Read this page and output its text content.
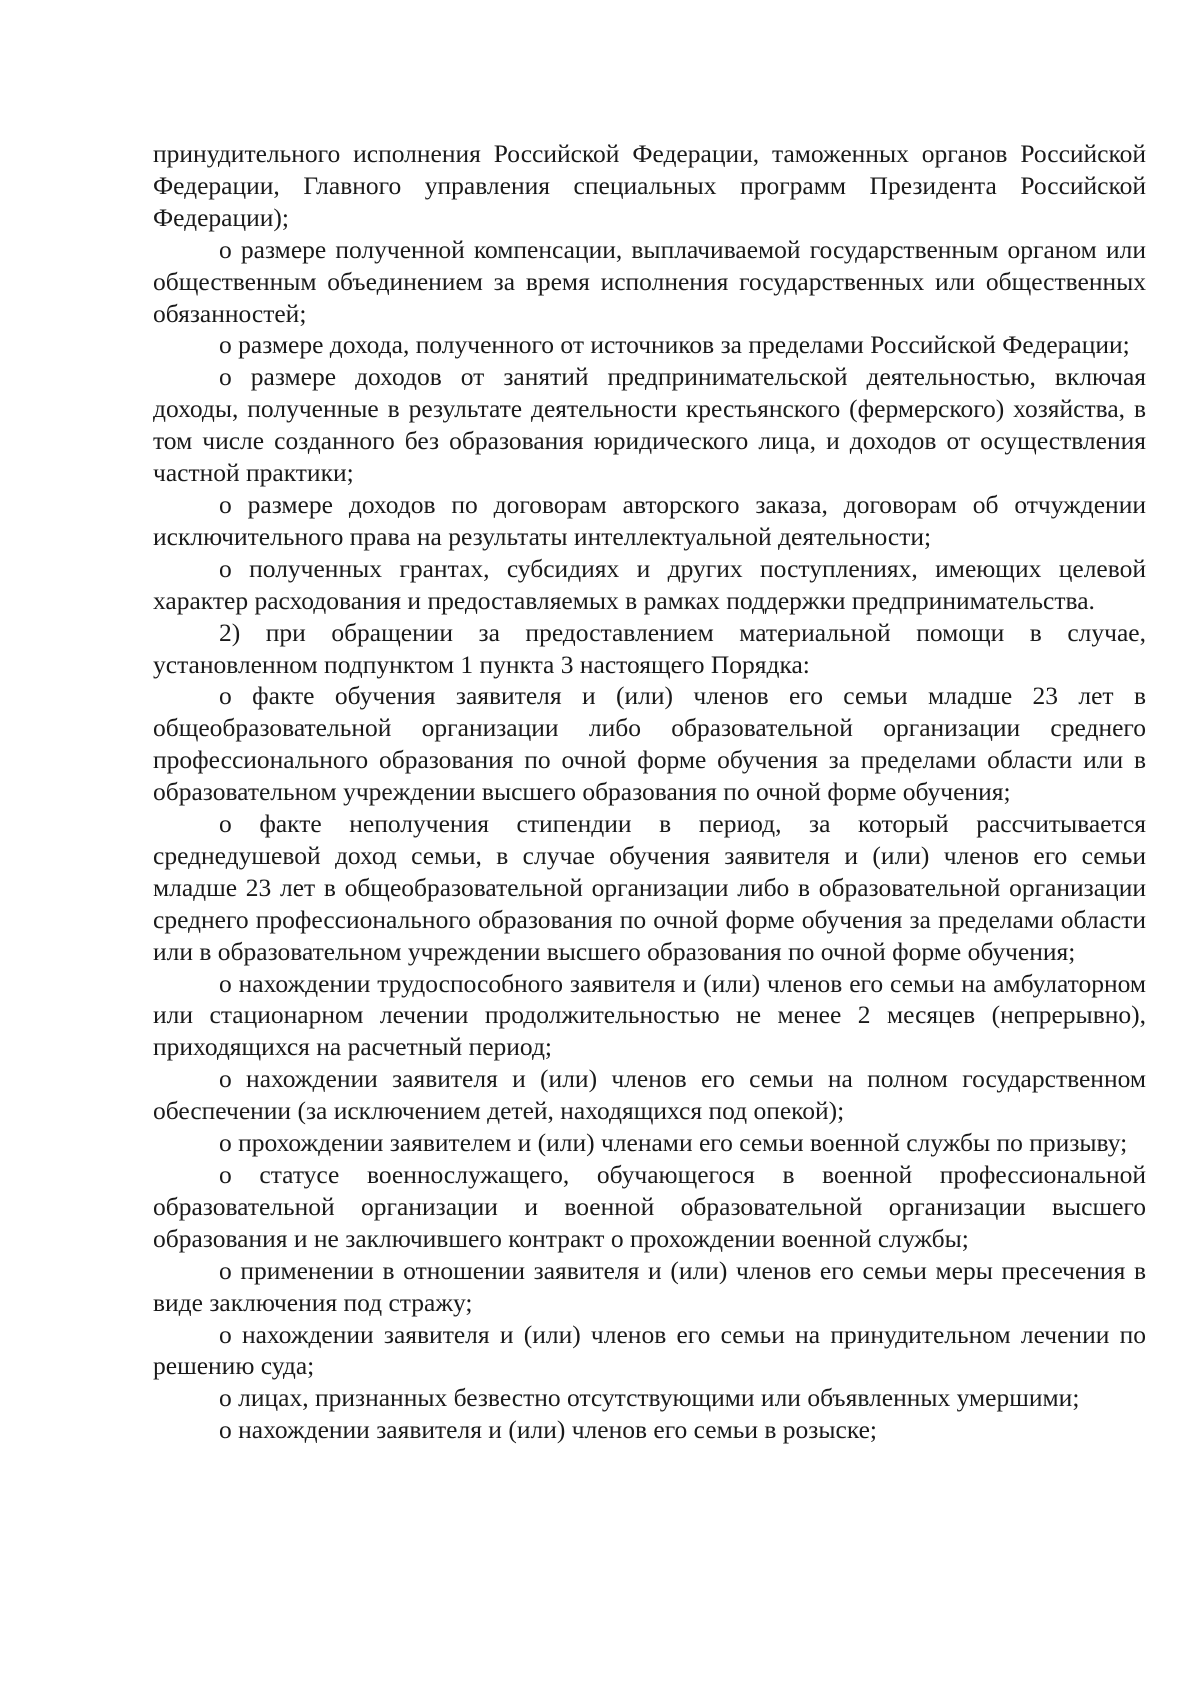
принудительного исполнения Российской Федерации, таможенных органов Российской Федерации, Главного управления специальных программ Президента Российской Федерации);

о размере полученной компенсации, выплачиваемой государственным органом или общественным объединением за время исполнения государственных или общественных обязанностей;

о размере дохода, полученного от источников за пределами Российской Федерации;

о размере доходов от занятий предпринимательской деятельностью, включая доходы, полученные в результате деятельности крестьянского (фермерского) хозяйства, в том числе созданного без образования юридического лица, и доходов от осуществления частной практики;

о размере доходов по договорам авторского заказа, договорам об отчуждении исключительного права на результаты интеллектуальной деятельности;

о полученных грантах, субсидиях и других поступлениях, имеющих целевой характер расходования и предоставляемых в рамках поддержки предпринимательства.

2) при обращении за предоставлением материальной помощи в случае, установленном подпунктом 1 пункта 3 настоящего Порядка:

о факте обучения заявителя и (или) членов его семьи младше 23 лет в общеобразовательной организации либо образовательной организации среднего профессионального образования по очной форме обучения за пределами области или в образовательном учреждении высшего образования по очной форме обучения;

о факте неполучения стипендии в период, за который рассчитывается среднедушевой доход семьи, в случае обучения заявителя и (или) членов его семьи младше 23 лет в общеобразовательной организации либо в образовательной организации среднего профессионального образования по очной форме обучения за пределами области или в образовательном учреждении высшего образования по очной форме обучения;

о нахождении трудоспособного заявителя и (или) членов его семьи на амбулаторном или стационарном лечении продолжительностью не менее 2 месяцев (непрерывно), приходящихся на расчетный период;

о нахождении заявителя и (или) членов его семьи на полном государственном обеспечении (за исключением детей, находящихся под опекой);

о прохождении заявителем и (или) членами его семьи военной службы по призыву;

о статусе военнослужащего, обучающегося в военной профессиональной образовательной организации и военной образовательной организации высшего образования и не заключившего контракт о прохождении военной службы;

о применении в отношении заявителя и (или) членов его семьи меры пресечения в виде заключения под стражу;

о нахождении заявителя и (или) членов его семьи на принудительном лечении по решению суда;

о лицах, признанных безвестно отсутствующими или объявленных умершими;

о нахождении заявителя и (или) членов его семьи в розыске;
